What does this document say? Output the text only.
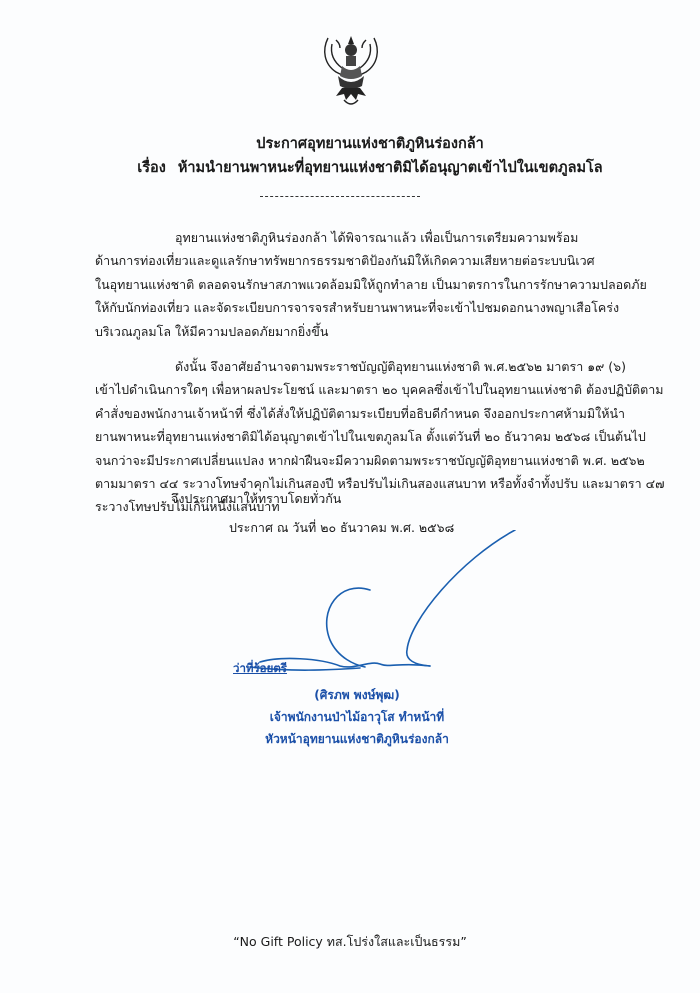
ประกาศอุทยานแห่งชาติภูหินร่องกล้า
เรื่อง ห้ามนำยานพาหนะที่อุทยานแห่งชาติมิได้อนุญาตเข้าไปในเขตภูลมโล

อุทยานแห่งชาติภูหินร่องกล้า ได้พิจารณาแล้ว เพื่อเป็นการเตรียมความพร้อม
ด้านการท่องเที่ยวและดูแลรักษาทรัพยากรธรรมชาติป้องกันมิให้เกิดความเสียหายต่อระบบนิเวศ
ในอุทยานแห่งชาติ ตลอดจนรักษาสภาพแวดล้อมมิให้ถูกทำลาย เป็นมาตรการในการรักษาความปลอดภัย
ให้กับนักท่องเที่ยว และจัดระเบียบการจารจรสำหรับยานพาหนะที่จะเข้าไปชมดอกนางพญาเสือโคร่ง
บริเวณภูลมโล ให้มีความปลอดภัยมากยิ่งขึ้น

ดังนั้น จึงอาศัยอำนาจตามพระราชบัญญัติอุทยานแห่งชาติ พ.ศ.๒๕๖๒ มาตรา ๑๙ (๖)
เข้าไปดำเนินการใดๆ เพื่อหาผลประโยชน์ และมาตรา ๒๐ บุคคลซึ่งเข้าไปในอุทยานแห่งชาติ ต้องปฏิบัติตาม
คำสั่งของพนักงานเจ้าหน้าที่ ซึ่งได้สั่งให้ปฏิบัติตามระเบียบที่อธิบดีกำหนด จึงออกประกาศห้ามมิให้นำ
ยานพาหนะที่อุทยานแห่งชาติมิได้อนุญาตเข้าไปในเขตภูลมโล ตั้งแต่วันที่ ๒๐ ธันวาคม ๒๕๖๘ เป็นต้นไป
จนกว่าจะมีประกาศเปลี่ยนแปลง หากฝ่าฝืนจะมีความผิดตามพระราชบัญญัติอุทยานแห่งชาติ พ.ศ. ๒๕๖๒
ตามมาตรา ๔๔ ระวางโทษจำคุกไม่เกินสองปี หรือปรับไม่เกินสองแสนบาท หรือทั้งจำทั้งปรับ และมาตรา ๔๗
ระวางโทษปรับไม่เกินหนึ่งแสนบาท

จึงประกาศมาให้ทราบโดยทั่วกัน
ประกาศ ณ วันที่ ๒๐ ธันวาคม พ.ศ. ๒๕๖๘
ว่าที่ร้อยตรี
(ศิรภพ พงษ์พุฒ)
เจ้าพนักงานป่าไม้อาวุโส ทำหน้าที่
หัวหน้าอุทยานแห่งชาติภูหินร่องกล้า
“No Gift Policy ทส.โปร่งใสและเป็นธรรม”
